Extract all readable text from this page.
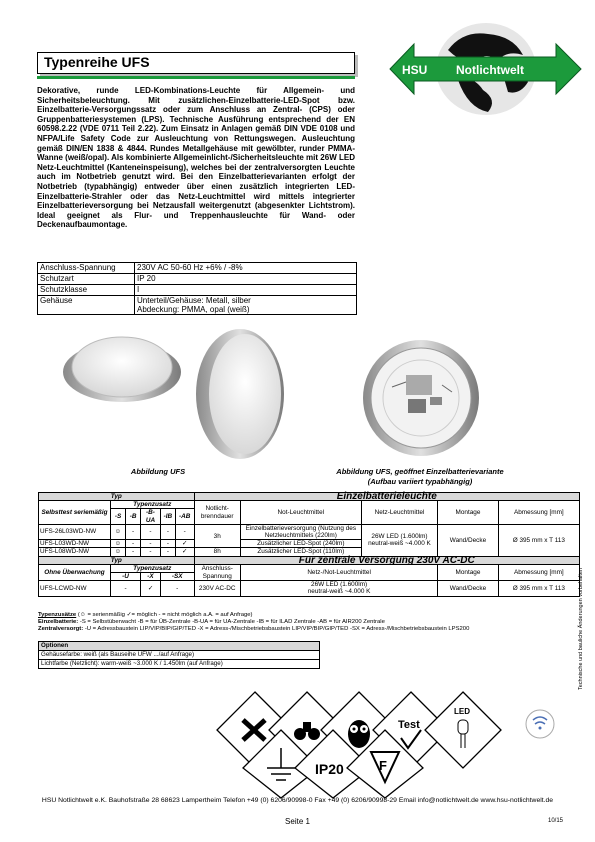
Typenreihe UFS	HSU Notlichtwelt
Dekorative, runde LED-Kombinations-Leuchte für Allgemein- und Sicherheitsbeleuchtung. Mit zusätzlichen-Einzelbatterie-LED-Spot bzw. Einzelbatterie-Versorgungssatz oder zum Anschluss an Zentral- (CPS) oder Gruppenbatteriesystemen (LPS). Technische Ausführung entsprechend der EN 60598.2.22 (VDE 0711 Teil 2.22). Zum Einsatz in Anlagen gemäß DIN VDE 0108 und NFPA/Life Safety Code zur Ausleuchtung von Rettungswegen. Ausleuchtung gemäß DIN/EN 1838 & 4844. Rundes Metallgehäuse mit gewölbter, runder PMMA-Wanne (weiß/opal). Als kombinierte Allgemeinlicht-/Sicherheitsleuchte mit 26W LED Netz-Leuchtmittel (Kanteneinspeisung), welches bei der zentralversorgten Leuchte auch im Notbetrieb genutzt wird. Bei den Einzelbatterievarianten erfolgt der Notbetrieb (typabhängig) entweder über einen zusätzlich integrierten LED-Einzelbatterie-Strahler oder das Netz-Leuchtmittel wird mittels integrierter Einzelbatterieversorgung bei Netzausfall weitergenutzt (abgesenkter Lichtstrom). Ideal geeignet als Flur- und Treppenhausleuchte für Wand- oder Deckenaufbaumontage.
Anschluss-Spannung	230V AC 50-60 Hz +6% / -8%
Schutzart	IP 20
Schutzklasse	I
Gehäuse	Unterteil/Gehäuse: Metall, silber
Abdeckung: PMMA, opal (weiß)
Abbildung UFS	Abbildung UFS, geöffnet Einzelbatterievariante
(Aufbau variiert typabhängig)
Typ						Einzelbatterieleuchte				
Selbsttest seriemäßig	Typenzusatz					Notlicht-brenndauer	Not-Leuchtmittel	Netz-Leuchtmittel	Montage	Abmessung [mm]
	-S	-B	-B-UA	-IB	-AB					
UFS-26L03WD-NW	☺	-	-	-	-	3h	Einzelbatterieversorgung (Nutzung des Netzleuchtmittels (220lm)	26W LED (1.600lm)
neutral-weiß ~4.000 K	Wand/Decke	Ø 395 mm x T 113
UFS-L03WD-NW	☺	-	-	-	✓		Zusätzlicher LED-Spot (240lm)			
UFS-L08WD-NW	☺	-	-	-	✓	8h	Zusätzlicher LED-Spot (110lm)			
Typ						Für zentrale Versorgung 230V AC-DC				
Ohne Überwachung	Typenzusatz					Anschluss-Spannung	Netz-/Not-Leuchtmittel		Montage	Abmessung [mm]
	-U		-X	-SX						
UFS-LCWD-NW	-		✓	-		230V AC-DC	26W LED (1.600lm)
neutral-weiß ~4.000 K		Wand/Decke	Ø 395 mm x T 113
Typenzusätze (☺ = serienmäßig ✓= möglich - = nicht möglich a.A. = auf Anfrage)
Einzelbatterie: -S = Selbstüberwacht -B = für ÜB-Zentrale -B-UA = für UA-Zentrale -IB = für ILAD Zentrale -AB = für AIR200 Zentrale
Zentralversorgt: -U = Adressbaustein LIP/VIP/BIP/GIP/TED -X = Adress-/Mischbetriebsbaustein LIP/VIP/BIP/GIP/TED -SX = Adress-/Mischbetriebsbaustein LPS200
Optionen
Gehäusefarbe: weiß (als Bauseihe UFW .../auf Anfrage)
Lichtfarbe (Netzlicht): warm-weiß ~3.000 K / 1.450lm (auf Anfrage)	Technische und bauliche Änderungen vorbehalten
Test
LED
IP20	F
HSU Notlichtwelt e.K. Bauhofstraße 28 68623 Lampertheim Telefon +49 (0) 6206/90998-0 Fax +49 (0) 6206/90998-29 Email info@notlichtwelt.de www.hsu-notlichtwelt.de
Seite 1	10/15
